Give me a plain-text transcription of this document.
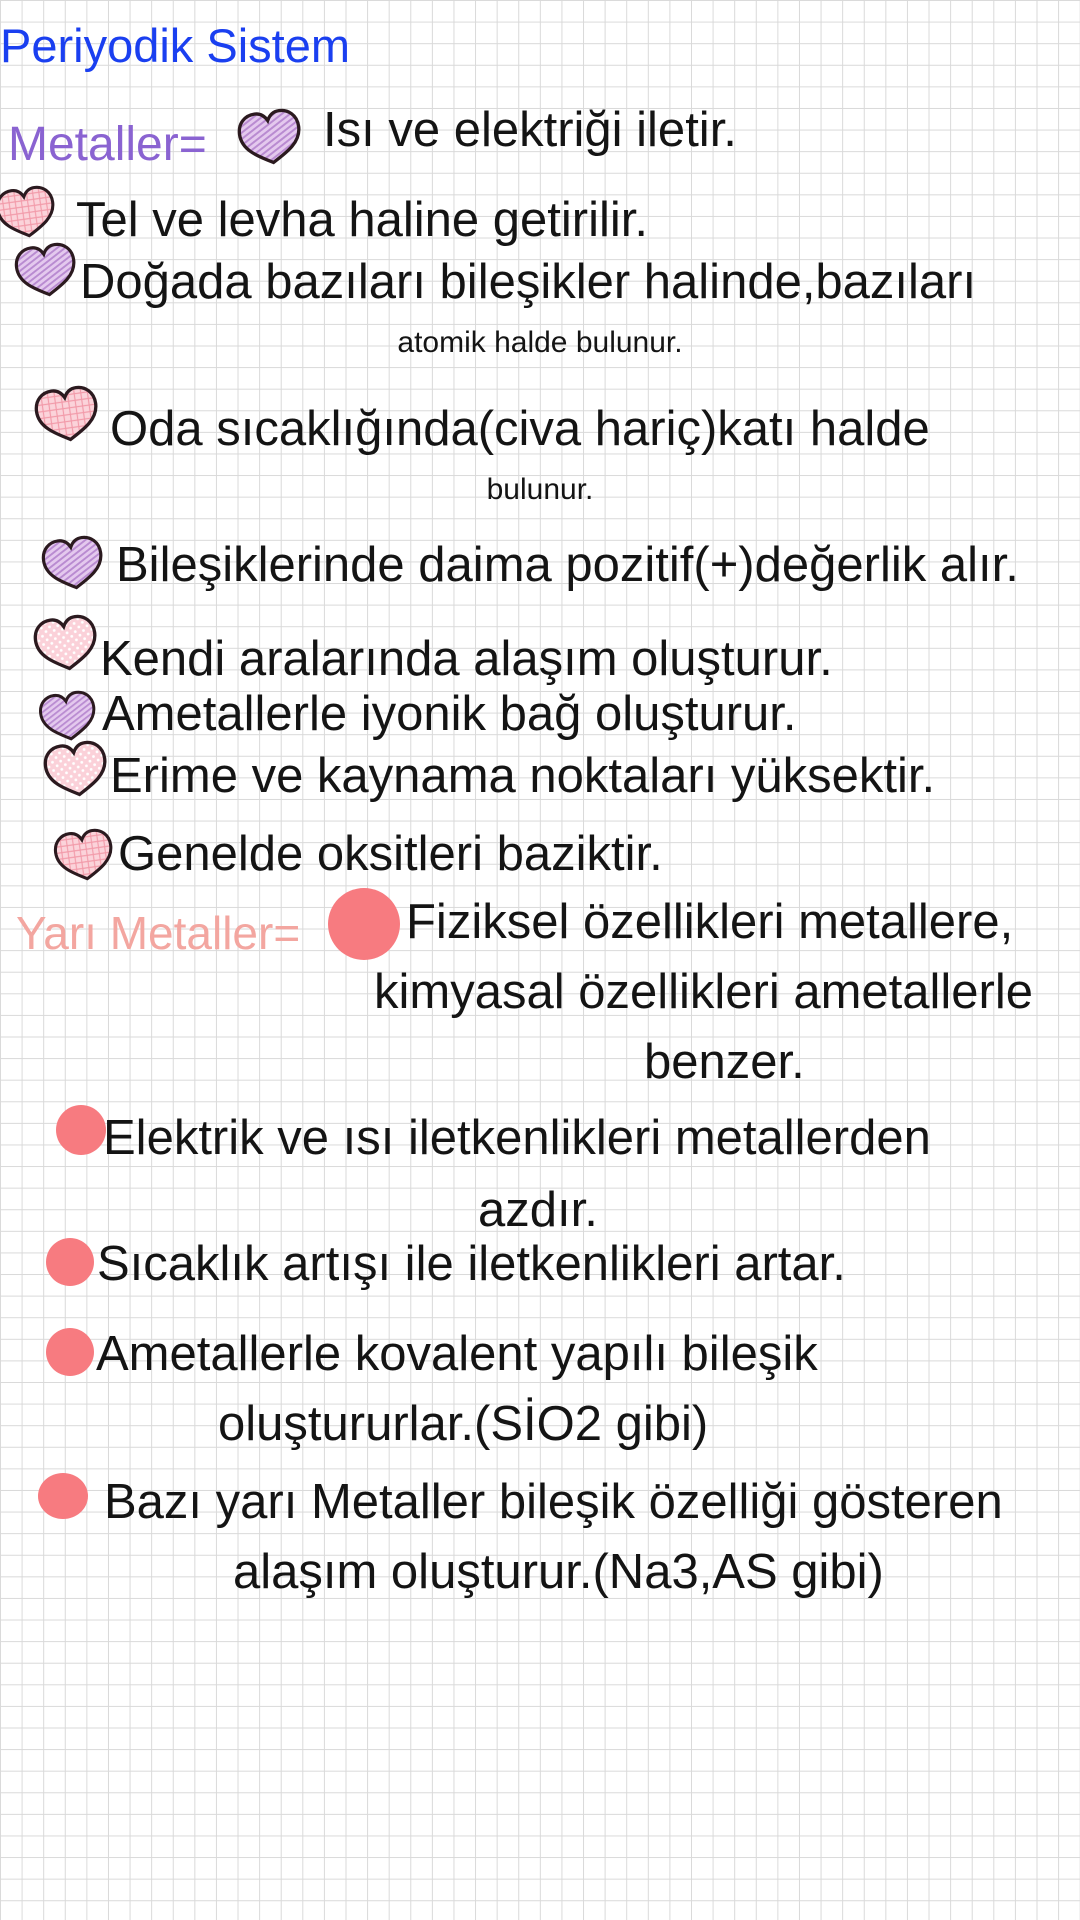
Periyodik Sistem
Metaller= Isı ve elektriği iletir.
Tel ve levha haline getirilir.
Doğada bazıları bileşikler halinde,bazıları
atomik halde bulunur.
Oda sıcaklığında(civa hariç)katı halde
bulunur.
Bileşiklerinde daima pozitif(+)değerlik alır.
Kendi aralarında alaşım oluşturur.
Ametallerle iyonik bağ oluşturur.
Erime ve kaynama noktaları yüksektir.
Genelde oksitleri baziktir.
Yarı Metaller= Fiziksel özellikleri metallere,
kimyasal özellikleri ametallerle
benzer.
Elektrik ve ısı iletkenlikleri metallerden
azdır.
Sıcaklık artışı ile iletkenlikleri artar.
Ametallerle kovalent yapılı bileşik
oluştururlar.(SİO2 gibi)
Bazı yarı Metaller bileşik özelliği gösteren
alaşım oluşturur.(Na3,AS gibi)
